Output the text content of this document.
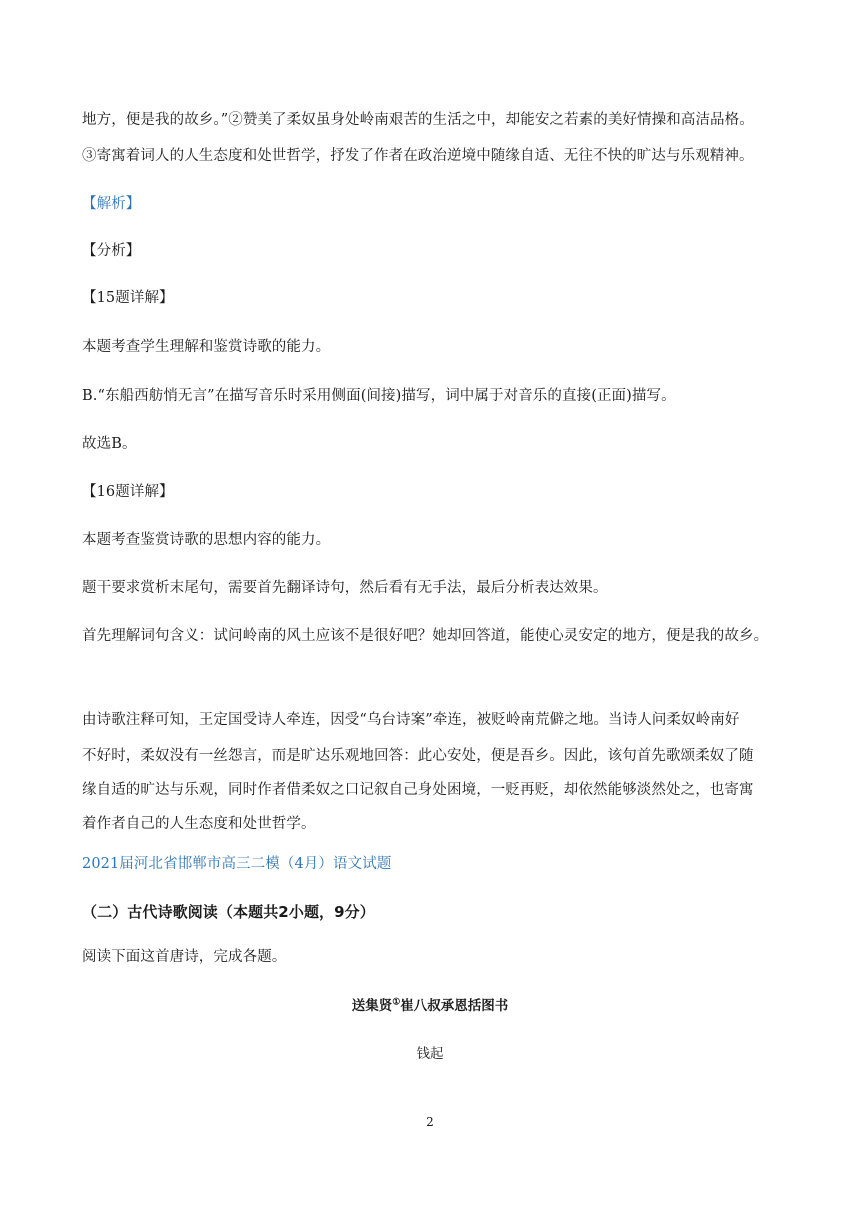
地方，便是我的故乡。”②赞美了柔奴虽身处岭南艰苦的生活之中，却能安之若素的美好情操和高洁品格。
③寄寓着词人的人生态度和处世哲学，抒发了作者在政治逆境中随缘自适、无往不快的旷达与乐观精神。
【解析】
【分析】
【15题详解】
本题考查学生理解和鉴赏诗歌的能力。
B.“东船西舫悄无言”在描写音乐时采用侧面(间接)描写，词中属于对音乐的直接(正面)描写。
故选B。
【16题详解】
本题考查鉴赏诗歌的思想内容的能力。
题干要求赏析末尾句，需要首先翻译诗句，然后看有无手法，最后分析表达效果。
首先理解词句含义：试问岭南的风土应该不是很好吧？她却回答道，能使心灵安定的地方，便是我的故乡。
由诗歌注释可知，王定国受诗人牵连，因受“乌台诗案”牵连，被贬岭南荒僻之地。当诗人问柔奴岭南好
不好时，柔奴没有一丝怨言，而是旷达乐观地回答：此心安处，便是吾乡。因此，该句首先歌颂柔奴了随
缘自适的旷达与乐观，同时作者借柔奴之口记叙自己身处困境，一贬再贬，却依然能够淡然处之，也寄寓
着作者自己的人生态度和处世哲学。
2021届河北省邯郸市高三二模（4月）语文试题
（二）古代诗歌阅读（本题共2小题，9分）
阅读下面这首唐诗，完成各题。
送集贤①崔八叔承恩括图书
钱起
2
